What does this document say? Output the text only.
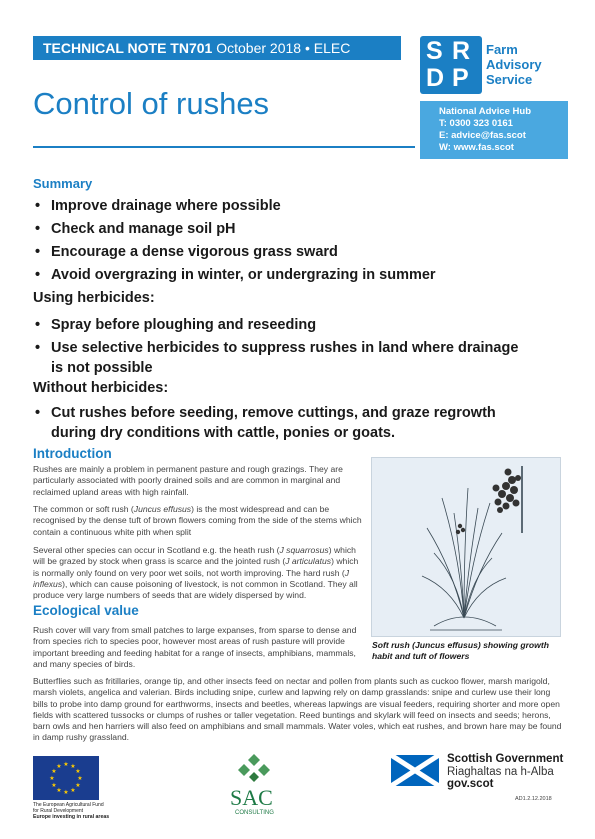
TECHNICAL NOTE TN701 October 2018 • ELEC
Control of rushes
S R
D P
Farm
Advisory
Service
National Advice Hub
T: 0300 323 0161
E: advice@fas.scot
W: www.fas.scot
Summary
• Improve drainage where possible
• Check and manage soil pH
• Encourage a dense vigorous grass sward
• Avoid overgrazing in winter, or undergrazing in summer
Using herbicides:
• Spray before ploughing and reseeding
• Use selective herbicides to suppress rushes in land where drainage is not possible
Without herbicides:
• Cut rushes before seeding, remove cuttings, and graze regrowth during dry conditions with cattle, ponies or goats.
Introduction

Rushes are mainly a problem in permanent pasture and rough grazings. They are particularly associated with poorly drained soils and are common in marginal and reclaimed upland areas with high rainfall.

The common or soft rush (Juncus effusus) is the most widespread and can be recognised by the dense tuft of brown flowers coming from the side of the stems which contain a continuous white pith when split

Several other species can occur in Scotland e.g. the heath rush (J squarrosus) which will be grazed by stock when grass is scarce and the jointed rush (J articulatus) which is normally only found on very poor wet soils, not worth improving. The hard rush (J inflexus), which can cause poisoning of livestock, is not common in Scotland. They all produce very large numbers of seeds that are widely dispersed by wind.

Soft rush (Juncus effusus) showing growth habit and tuft of flowers

Ecological value

Rush cover will vary from small patches to large expanses, from sparse to dense and from species rich to species poor, however most areas of rush pasture will provide important breeding and feeding habitat for a range of insects, amphibians, mammals, and many species of birds.

Butterflies such as fritillaries, orange tip, and other insects feed on nectar and pollen from plants such as cuckoo flower, marsh marigold, marsh violets, angelica and valerian. Birds including snipe, curlew and lapwing rely on damp grasslands: snipe and curlew use their long bills to probe into damp ground for earthworms, insects and beetles, whereas lapwings are visual feeders, requiring shorter and more open fields with scattered tussocks or clumps of rushes or taller vegetation. Reed buntings and skylark will feed on insects and seeds; herons, barn owls and hen harriers will also feed on amphibians and small mammals. Water voles, which eat rushes, and brown hare may be found in damp rushy grassland.

★ ★
★
★
★
★
★
★
★
★
★
★
The European Agricultural Fund
for Rural Development
Europe investing in rural areas
SAC
CONSULTING
Scottish Government
Riaghaltas na h-Alba
gov.scot
AD1.2.12.2018
